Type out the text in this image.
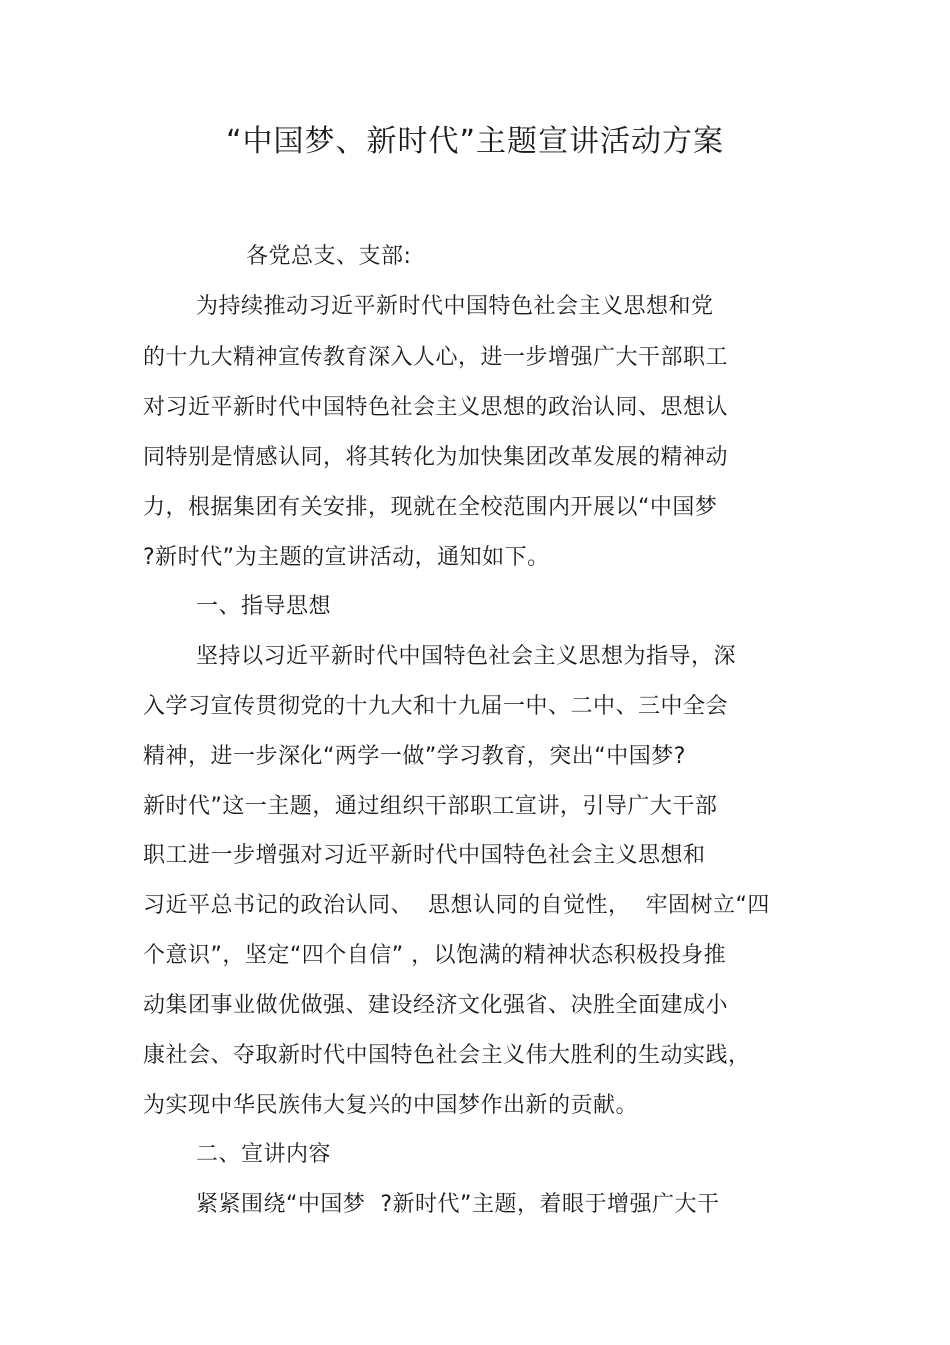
“中国梦、新时代”主题宣讲活动方案
各党总支、支部:
为持续推动习近平新时代中国特色社会主义思想和党
的十九大精神宣传教育深入人心，进一步增强广大干部职工
对习近平新时代中国特色社会主义思想的政治认同、思想认
同特别是情感认同，将其转化为加快集团改革发展的精神动
力，根据集团有关安排，现就在全校范围内开展以“中国梦
?新时代”为主题的宣讲活动，通知如下。
一、指导思想
坚持以习近平新时代中国特色社会主义思想为指导，深
入学习宣传贯彻党的十九大和十九届一中、二中、三中全会
精神，进一步深化“两学一做”学习教育，突出“中国梦?
新时代”这一主题，通过组织干部职工宣讲，引导广大干部
职工进一步增强对习近平新时代中国特色社会主义思想和
习近平总书记的政治认同、  思想认同的自觉性，  牢固树立“四
个意识”，坚定“四个自信” ，以饱满的精神状态积极投身推
动集团事业做优做强、建设经济文化强省、决胜全面建成小
康社会、夺取新时代中国特色社会主义伟大胜利的生动实践，
为实现中华民族伟大复兴的中国梦作出新的贡献。
二、宣讲内容
紧紧围绕“中国梦  ?新时代”主题，着眼于增强广大干
